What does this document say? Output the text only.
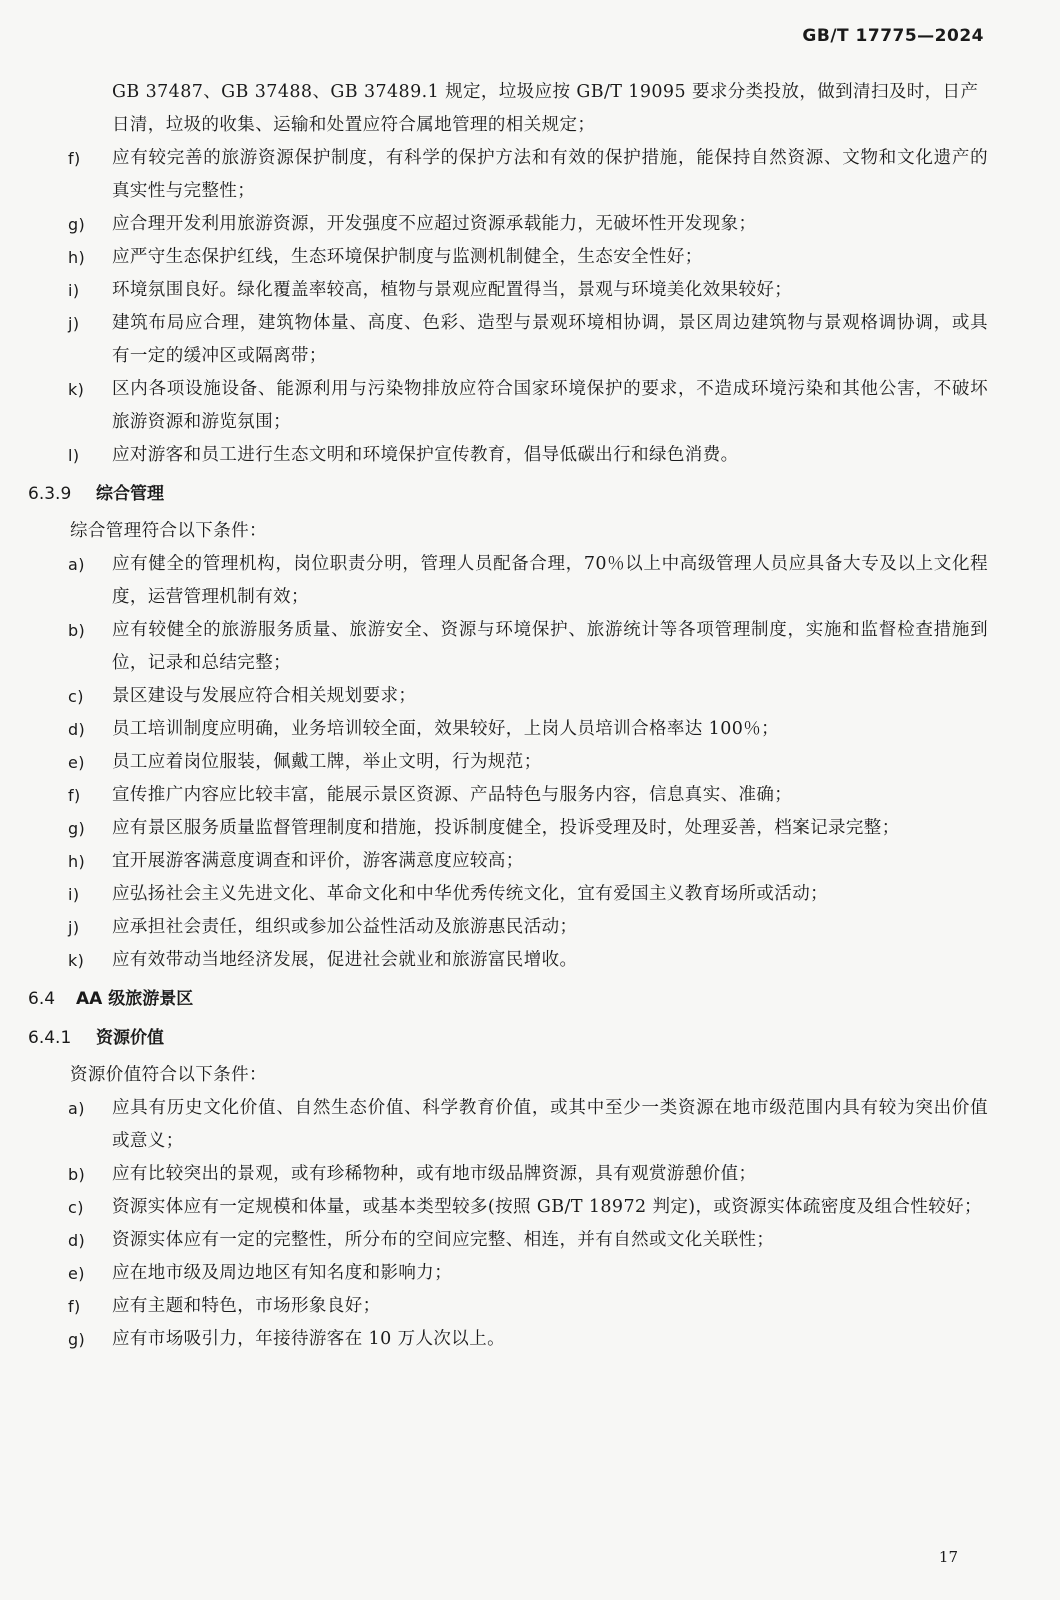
GB/T 17775—2024
GB 37487、GB 37488、GB 37489.1 规定，垃圾应按 GB/T 19095 要求分类投放，做到清扫及时，日产日清，垃圾的收集、运输和处置应符合属地管理的相关规定；
f)	应有较完善的旅游资源保护制度，有科学的保护方法和有效的保护措施，能保持自然资源、文物和文化遗产的真实性与完整性；
g)	应合理开发利用旅游资源，开发强度不应超过资源承载能力，无破坏性开发现象；
h)	应严守生态保护红线，生态环境保护制度与监测机制健全，生态安全性好；
i)	环境氛围良好。绿化覆盖率较高，植物与景观应配置得当，景观与环境美化效果较好；
j)	建筑布局应合理，建筑物体量、高度、色彩、造型与景观环境相协调，景区周边建筑物与景观格调协调，或具有一定的缓冲区或隔离带；
k)	区内各项设施设备、能源利用与污染物排放应符合国家环境保护的要求，不造成环境污染和其他公害，不破坏旅游资源和游览氛围；
l)	应对游客和员工进行生态文明和环境保护宣传教育，倡导低碳出行和绿色消费。
6.3.9 综合管理
综合管理符合以下条件：
a)	应有健全的管理机构，岗位职责分明，管理人员配备合理，70％以上中高级管理人员应具备大专及以上文化程度，运营管理机制有效；
b)	应有较健全的旅游服务质量、旅游安全、资源与环境保护、旅游统计等各项管理制度，实施和监督检查措施到位，记录和总结完整；
c)	景区建设与发展应符合相关规划要求；
d)	员工培训制度应明确，业务培训较全面，效果较好，上岗人员培训合格率达 100％；
e)	员工应着岗位服装，佩戴工牌，举止文明，行为规范；
f)	宣传推广内容应比较丰富，能展示景区资源、产品特色与服务内容，信息真实、准确；
g)	应有景区服务质量监督管理制度和措施，投诉制度健全，投诉受理及时，处理妥善，档案记录完整；
h)	宜开展游客满意度调查和评价，游客满意度应较高；
i)	应弘扬社会主义先进文化、革命文化和中华优秀传统文化，宜有爱国主义教育场所或活动；
j)	应承担社会责任，组织或参加公益性活动及旅游惠民活动；
k)	应有效带动当地经济发展，促进社会就业和旅游富民增收。
6.4 AA 级旅游景区
6.4.1 资源价值
资源价值符合以下条件：
a)	应具有历史文化价值、自然生态价值、科学教育价值，或其中至少一类资源在地市级范围内具有较为突出价值或意义；
b)	应有比较突出的景观，或有珍稀物种，或有地市级品牌资源，具有观赏游憩价值；
c)	资源实体应有一定规模和体量，或基本类型较多(按照 GB/T 18972 判定)，或资源实体疏密度及组合性较好；
d)	资源实体应有一定的完整性，所分布的空间应完整、相连，并有自然或文化关联性；
e)	应在地市级及周边地区有知名度和影响力；
f)	应有主题和特色，市场形象良好；
g)	应有市场吸引力，年接待游客在 10 万人次以上。
17
